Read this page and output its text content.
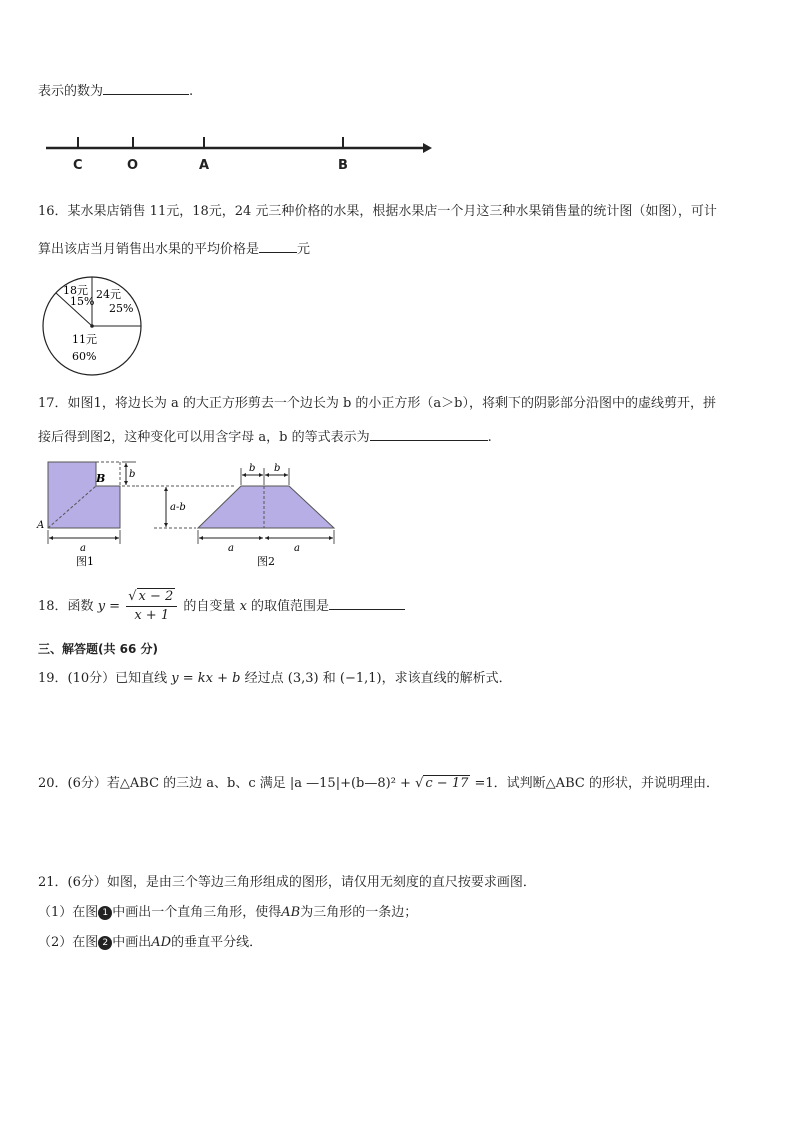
表示的数为	.
C	O	A	B
16．某水果店销售 11元，18元，24 元三种价格的水果，根据水果店一个月这三种水果销售量的统计图（如图），可计
算出该店当月销售出水果的平均价格是	元
18元
15%
24元
25%
11元
60%
17．如图1，将边长为 a 的大正方形剪去一个边长为 b 的小正方形（a＞b），将剩下的阴影部分沿图中的虚线剪开，拼
接后得到图2，这种变化可以用含字母 a，b 的等式表示为	.
b
B
A
a
图1
a-b
b b
a	a
图2
18．函数 $y = \frac{√ x - 2}{x + 1}$ 的自变量 x 的取值范围是
三、解答题(共 66 分)
19．(10分）已知直线 y = kx + b 经过点 (3,3) 和 (−1,1)，求该直线的解析式．
20．(6分）若△ABC 的三边 a、b、c 满足 |a —15|+(b—8)² + √ c − 17 =1．试判断△ABC 的形状，并说明理由．
21．(6分）如图，是由三个等边三角形组成的图形，请仅用无刻度的直尺按要求画图．
（1）在图 1 中画出一个直角三角形，使得AB为三角形的一条边；
（2）在图 2 中画出AD的垂直平分线．
